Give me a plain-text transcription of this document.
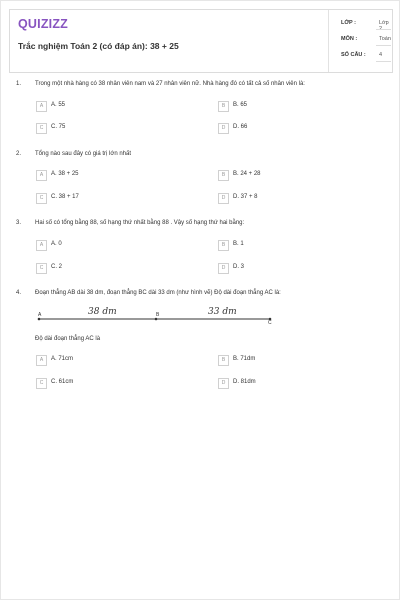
QUIZIZZ
Trắc nghiệm Toán 2 (có đáp án): 38 + 25
LỚP :	Lớp 2
MÔN :	Toán
SỐ CÂU : 4
1. Trong một nhà hàng có 38 nhân viên nam và 27 nhân viên nữ. Nhà hàng đó có tất cả số nhân viên là:
A	A. 55	B	B. 65
C	C. 75	D	D. 66
2. Tổng nào sau đây có giá trị lớn nhất
A	A. 38 + 25	B	B. 24 + 28
C	C. 38 + 17	D	D. 37 + 8
3. Hai số có tổng bằng 88, số hạng thứ nhất bằng 88 . Vậy số hạng thứ hai bằng:
A	A. 0	B	B. 1
C	C. 2	D	D. 3
4. Đoạn thẳng AB dài 38 dm, đoạn thẳng BC dài 33 dm (như hình vẽ) Độ dài đoạn thẳng AC là:
A	B
C
38 dm	33 dm
Độ dài đoạn thẳng AC là
A	A. 71cm	B	B. 71dm
C	C. 61cm	D	D. 81dm
